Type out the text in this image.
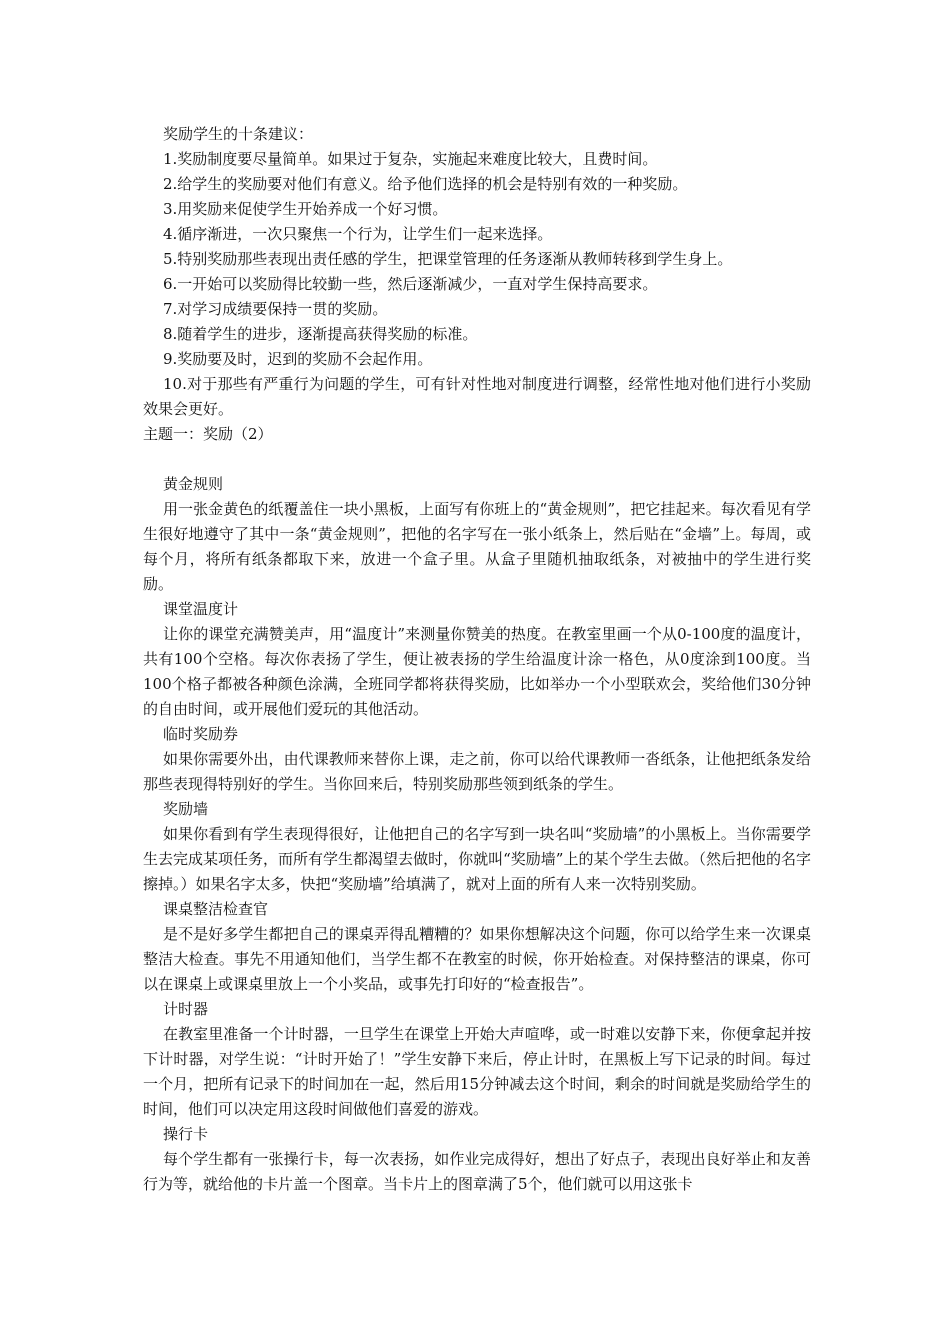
奖励学生的十条建议：

1.奖励制度要尽量简单。如果过于复杂，实施起来难度比较大，且费时间。

2.给学生的奖励要对他们有意义。给予他们选择的机会是特别有效的一种奖励。

3.用奖励来促使学生开始养成一个好习惯。

4.循序渐进，一次只聚焦一个行为，让学生们一起来选择。

5.特别奖励那些表现出责任感的学生，把课堂管理的任务逐渐从教师转移到学生身上。

6.一开始可以奖励得比较勤一些，然后逐渐减少，一直对学生保持高要求。

7.对学习成绩要保持一贯的奖励。

8.随着学生的进步，逐渐提高获得奖励的标准。

9.奖励要及时，迟到的奖励不会起作用。

10.对于那些有严重行为问题的学生，可有针对性地对制度进行调整，经常性地对他们进行小奖励效果会更好。

主题一：奖励（2）

黄金规则

用一张金黄色的纸覆盖住一块小黑板，上面写有你班上的“黄金规则”，把它挂起来。每次看见有学生很好地遵守了其中一条“黄金规则”，把他的名字写在一张小纸条上，然后贴在“金墙”上。每周，或每个月，将所有纸条都取下来，放进一个盒子里。从盒子里随机抽取纸条，对被抽中的学生进行奖励。

课堂温度计

让你的课堂充满赞美声，用“温度计”来测量你赞美的热度。在教室里画一个从0-100度的温度计，共有100个空格。每次你表扬了学生，便让被表扬的学生给温度计涂一格色，从0度涂到100度。当100个格子都被各种颜色涂满，全班同学都将获得奖励，比如举办一个小型联欢会，奖给他们30分钟的自由时间，或开展他们爱玩的其他活动。

临时奖励券

如果你需要外出，由代课教师来替你上课，走之前，你可以给代课教师一沓纸条，让他把纸条发给那些表现得特别好的学生。当你回来后，特别奖励那些领到纸条的学生。

奖励墙

如果你看到有学生表现得很好，让他把自己的名字写到一块名叫“奖励墙”的小黑板上。当你需要学生去完成某项任务，而所有学生都渴望去做时，你就叫“奖励墙”上的某个学生去做。（然后把他的名字擦掉。）如果名字太多，快把“奖励墙”给填满了，就对上面的所有人来一次特别奖励。

课桌整洁检查官

是不是好多学生都把自己的课桌弄得乱糟糟的？如果你想解决这个问题，你可以给学生来一次课桌整洁大检查。事先不用通知他们，当学生都不在教室的时候，你开始检查。对保持整洁的课桌，你可以在课桌上或课桌里放上一个小奖品，或事先打印好的“检查报告”。

计时器

在教室里准备一个计时器，一旦学生在课堂上开始大声喧哗，或一时难以安静下来，你便拿起并按下计时器，对学生说：“计时开始了！”学生安静下来后，停止计时，在黑板上写下记录的时间。每过一个月，把所有记录下的时间加在一起，然后用15分钟减去这个时间，剩余的时间就是奖励给学生的时间，他们可以决定用这段时间做他们喜爱的游戏。

操行卡

每个学生都有一张操行卡，每一次表扬，如作业完成得好，想出了好点子，表现出良好举止和友善行为等，就给他的卡片盖一个图章。当卡片上的图章满了5个，他们就可以用这张卡
